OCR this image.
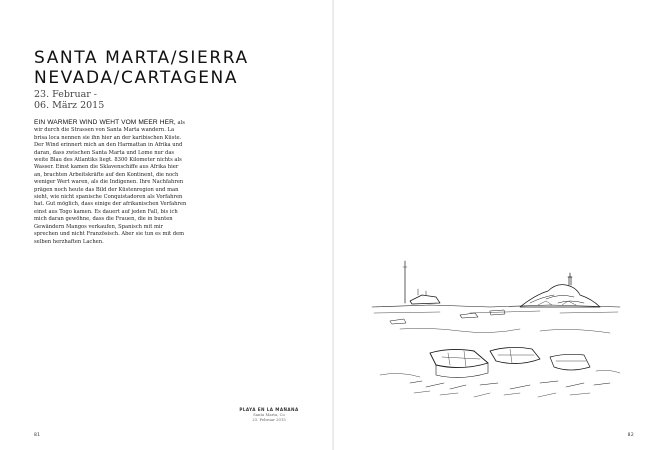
SANTA MARTA/SIERRA
NEVADA/CARTAGENA
23. Februar -
06. März 2015

EIN WARMER WIND WEHT VOM MEER HER, als wir durch die Strassen von Santa Marta wandern. La brisa loca nennen sie ihn hier an der karibischen Küste. Der Wind erinnert mich an den Harmattan in Afrika und daran, dass zwischen Santa Marta und Lome nur das weite Blau des Atlantiks liegt. 8300 Kilometer nichts als Wasser. Einst kamen die Sklavenschiffe aus Afrika hier an, brachten Arbeitskräfte auf den Kontinent, die noch weniger Wert waren, als die Indigenen. Ihre Nachfahren prägen noch heute das Bild der Küstenregion und man sieht, wie nicht spanische Conquistadoren als Vorfahren hat. Gut möglich, dass einige der afrikanischen Verfahren einst aus Togo kamen. Es dauert auf jeden Fall, bis ich mich daran gewöhne, dass die Frauen, die in bunten Gewändern Mangos verkaufen, Spanisch mit mir sprechen und nicht Französisch. Aber sie tun es mit dem selben herzhaften Lachen.

81	82
PLAYA EN LA MAÑANA
Santa Marta, Co
23. Februar 2015
